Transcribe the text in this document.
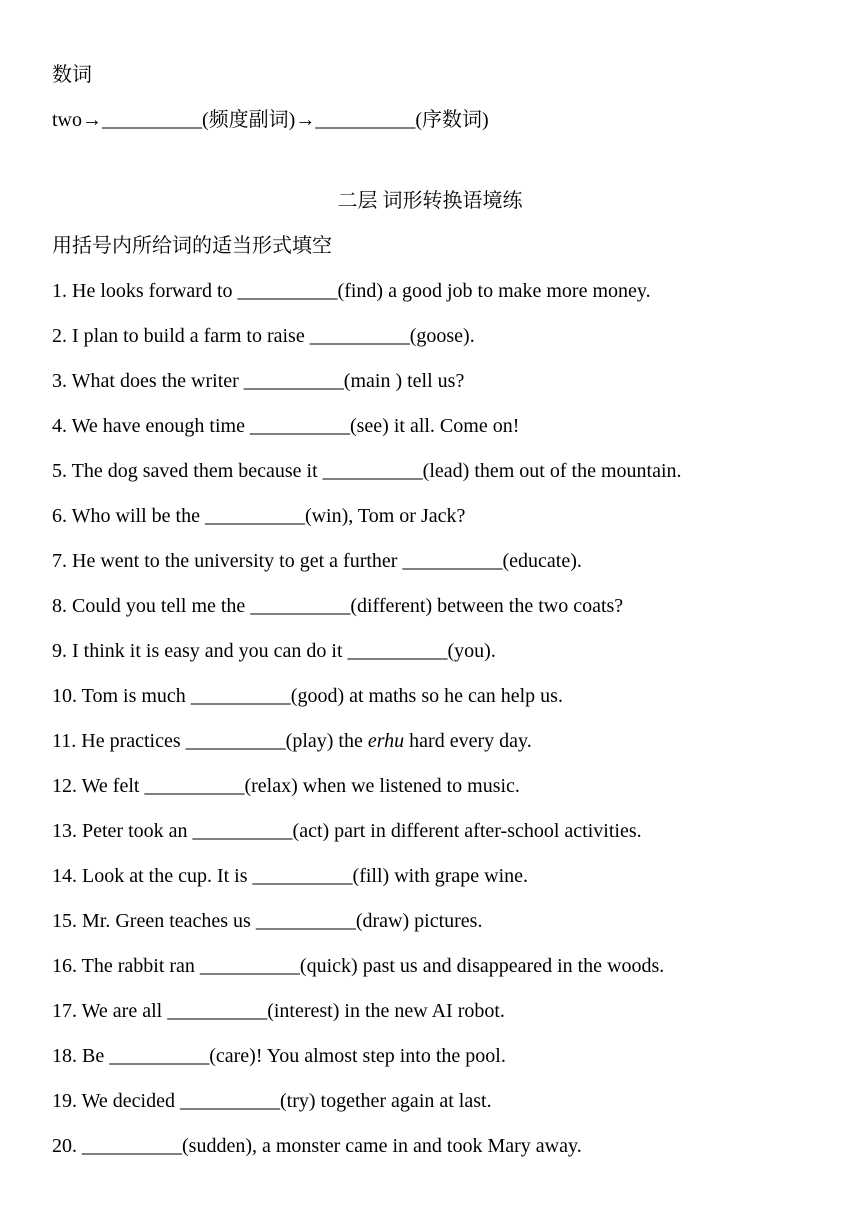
数词
two→__________(频度副词)→__________(序数词)
二层 词形转换语境练
用括号内所给词的适当形式填空
1. He looks forward to __________(find) a good job to make more money.
2. I plan to build a farm to raise __________(goose).
3. What does the writer __________(main ) tell us?
4. We have enough time __________(see) it all. Come on!
5. The dog saved them because it __________(lead) them out of the mountain.
6. Who will be the __________(win), Tom or Jack?
7. He went to the university to get a further __________(educate).
8. Could you tell me the __________(different) between the two coats?
9. I think it is easy and you can do it __________(you).
10. Tom is much __________(good) at maths so he can help us.
11. He practices __________(play) the erhu hard every day.
12. We felt __________(relax) when we listened to music.
13. Peter took an __________(act) part in different after-school activities.
14. Look at the cup. It is __________(fill) with grape wine.
15. Mr. Green teaches us __________(draw) pictures.
16. The rabbit ran __________(quick) past us and disappeared in the woods.
17. We are all __________(interest) in the new AI robot.
18. Be __________(care)! You almost step into the pool.
19. We decided __________(try) together again at last.
20. __________(sudden), a monster came in and took Mary away.
